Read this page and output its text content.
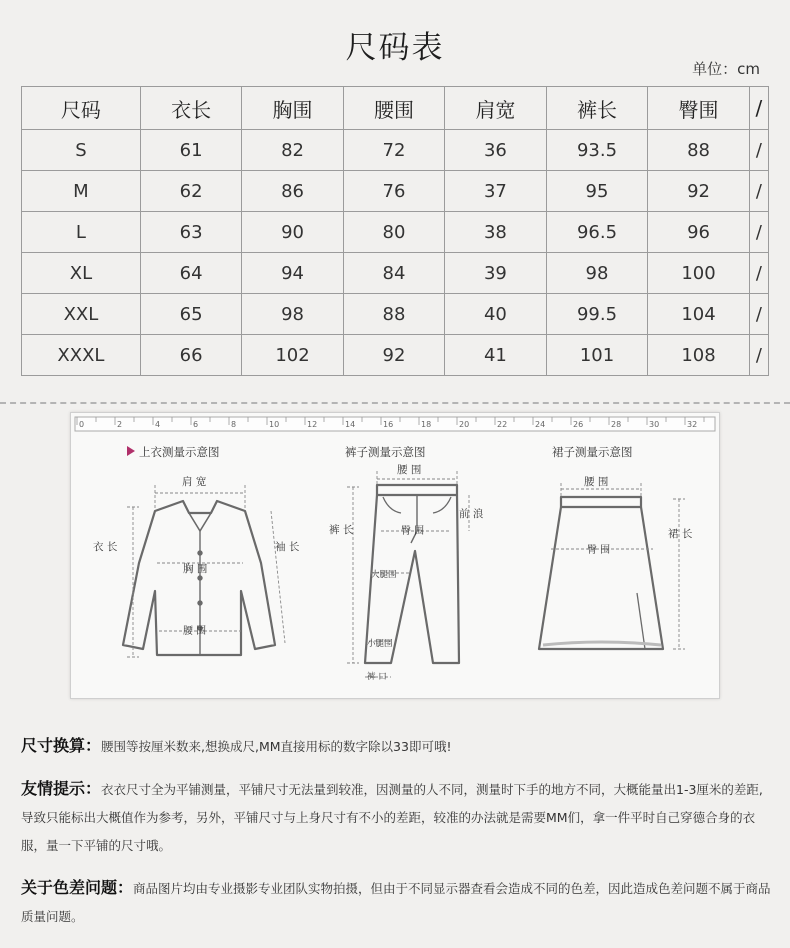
尺码表
单位：cm
尺码	衣长	胸围	腰围	肩宽	裤长	臀围	/
S	61	82	72	36	93.5	88	/
M	62	86	76	37	95	92	/
L	63	90	80	38	96.5	96	/
XL	64	94	84	39	98	100	/
XXL	65	98	88	40	99.5	104	/
XXXL	66	102	92	41	101	108	/
0	2	4	6	8	10	12	14	16	18	20	22	24	26	28	30	32
上衣测量示意图	裤子测量示意图	裙子测量示意图
肩 宽
衣 长	袖 长
胸 围
腰 围
腰 围
裤 长
前 浪
臀 围
大腿围
小腿围
裤 口
腰 围
臀 围
裙 长
尺寸换算：腰围等按厘米数来,想换成尺,MM直接用标的数字除以33即可哦!
友情提示：衣衣尺寸全为平铺测量，平铺尺寸无法量到较准，因测量的人不同，测量时下手的地方不同，大概能量出1-3厘米的差距,导致只能标出大概值作为参考，另外，平铺尺寸与上身尺寸有不小的差距，较准的办法就是需要MM们，拿一件平时自己穿德合身的衣服，量一下平铺的尺寸哦。
关于色差问题：商品图片均由专业摄影专业团队实物拍摄，但由于不同显示器查看会造成不同的色差，因此造成色差问题不属于商品质量问题。
